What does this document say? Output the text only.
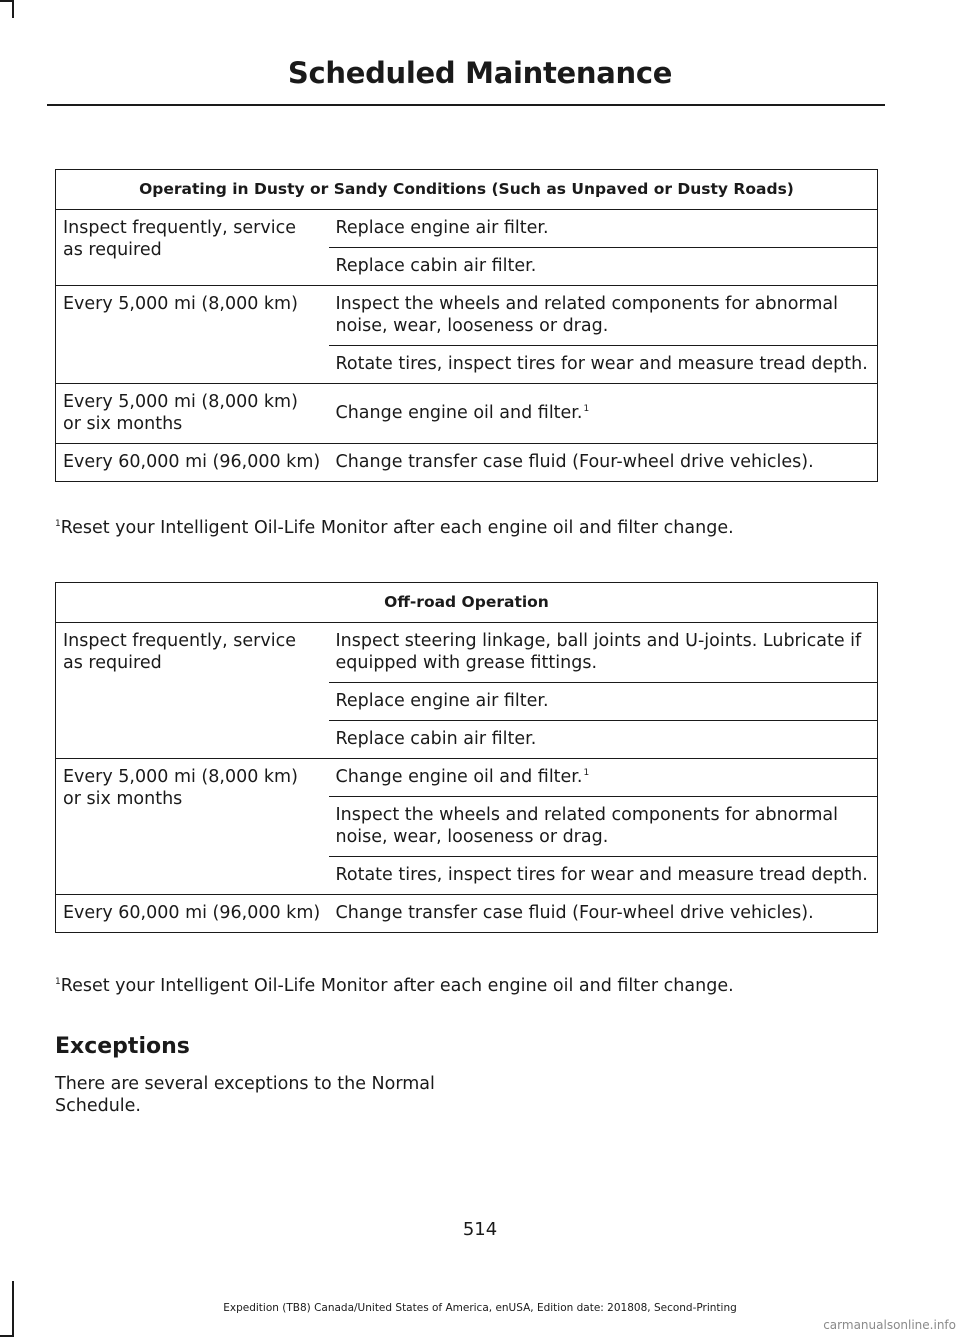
Scheduled Maintenance
Operating in Dusty or Sandy Conditions (Such as Unpaved or Dusty Roads)	
Inspect frequently, service as required	Replace engine air filter.
	Replace cabin air filter.
Every 5,000 mi (8,000 km)	Inspect the wheels and related components for abnormal noise, wear, looseness or drag.
	Rotate tires, inspect tires for wear and measure tread depth.
Every 5,000 mi (8,000 km) or six months	Change engine oil and filter.$^1$
Every 60,000 mi (96,000 km)	Change transfer case fluid (Four-wheel drive vehicles).
$^1$Reset your Intelligent Oil-Life Monitor after each engine oil and filter change.
Off-road Operation	
Inspect frequently, service as required	Inspect steering linkage, ball joints and U-joints. Lubricate if equipped with grease fittings.
	Replace engine air filter.
	Replace cabin air filter.
Every 5,000 mi (8,000 km) or six months	Change engine oil and filter.$^1$
	Inspect the wheels and related components for abnormal noise, wear, looseness or drag.
	Rotate tires, inspect tires for wear and measure tread depth.
Every 60,000 mi (96,000 km)	Change transfer case fluid (Four-wheel drive vehicles).
$^1$Reset your Intelligent Oil-Life Monitor after each engine oil and filter change.
Exceptions
There are several exceptions to the Normal Schedule.
514
Expedition (TB8) Canada/United States of America, enUSA, Edition date: 201808, Second-Printing
carmanualsonline.info
